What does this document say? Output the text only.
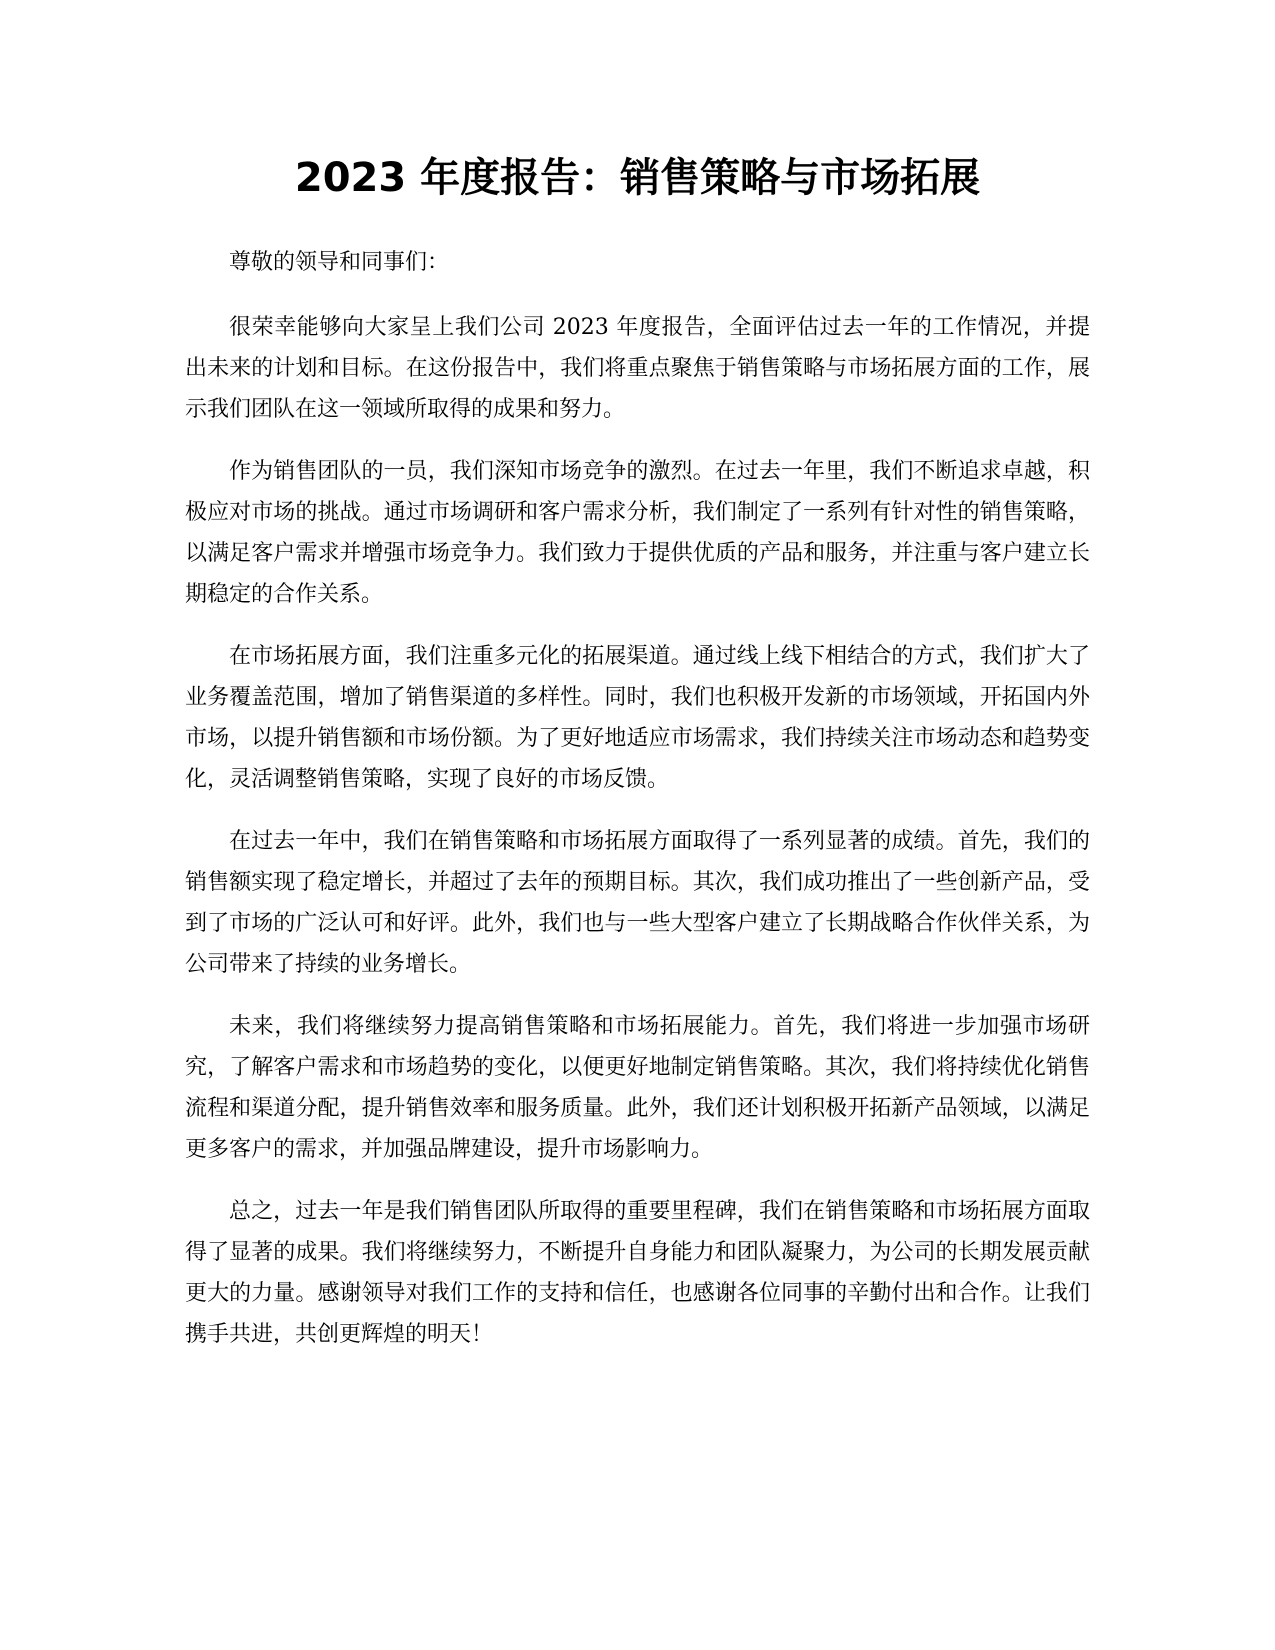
2023 年度报告：销售策略与市场拓展

尊敬的领导和同事们：

很荣幸能够向大家呈上我们公司 2023 年度报告，全面评估过去一年的工作情况，并提出未来的计划和目标。在这份报告中，我们将重点聚焦于销售策略与市场拓展方面的工作，展示我们团队在这一领域所取得的成果和努力。

作为销售团队的一员，我们深知市场竞争的激烈。在过去一年里，我们不断追求卓越，积极应对市场的挑战。通过市场调研和客户需求分析，我们制定了一系列有针对性的销售策略，以满足客户需求并增强市场竞争力。我们致力于提供优质的产品和服务，并注重与客户建立长期稳定的合作关系。

在市场拓展方面，我们注重多元化的拓展渠道。通过线上线下相结合的方式，我们扩大了业务覆盖范围，增加了销售渠道的多样性。同时，我们也积极开发新的市场领域，开拓国内外市场，以提升销售额和市场份额。为了更好地适应市场需求，我们持续关注市场动态和趋势变化，灵活调整销售策略，实现了良好的市场反馈。

在过去一年中，我们在销售策略和市场拓展方面取得了一系列显著的成绩。首先，我们的销售额实现了稳定增长，并超过了去年的预期目标。其次，我们成功推出了一些创新产品，受到了市场的广泛认可和好评。此外，我们也与一些大型客户建立了长期战略合作伙伴关系，为公司带来了持续的业务增长。

未来，我们将继续努力提高销售策略和市场拓展能力。首先，我们将进一步加强市场研究，了解客户需求和市场趋势的变化，以便更好地制定销售策略。其次，我们将持续优化销售流程和渠道分配，提升销售效率和服务质量。此外，我们还计划积极开拓新产品领域，以满足更多客户的需求，并加强品牌建设，提升市场影响力。

总之，过去一年是我们销售团队所取得的重要里程碑，我们在销售策略和市场拓展方面取得了显著的成果。我们将继续努力，不断提升自身能力和团队凝聚力，为公司的长期发展贡献更大的力量。感谢领导对我们工作的支持和信任，也感谢各位同事的辛勤付出和合作。让我们携手共进，共创更辉煌的明天！
